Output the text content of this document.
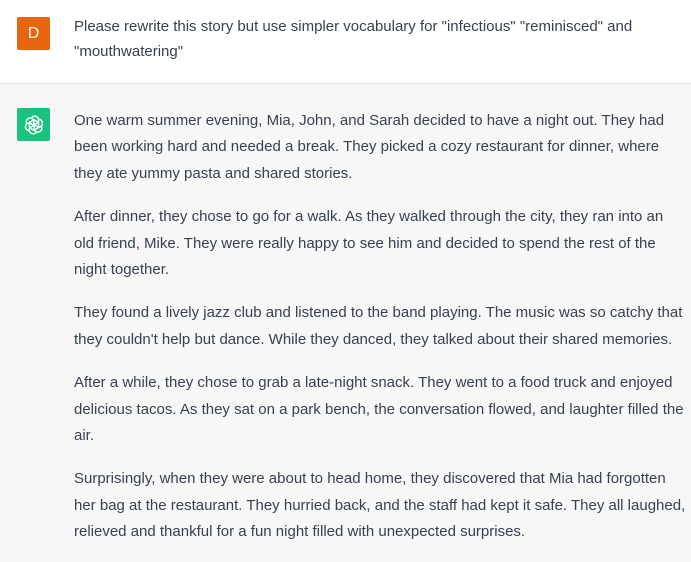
D	Please rewrite this story but use simpler vocabulary for "infectious" "reminisced" and "mouthwatering"

One warm summer evening, Mia, John, and Sarah decided to have a night out. They had been working hard and needed a break. They picked a cozy restaurant for dinner, where they ate yummy pasta and shared stories.

After dinner, they chose to go for a walk. As they walked through the city, they ran into an old friend, Mike. They were really happy to see him and decided to spend the rest of the night together.

They found a lively jazz club and listened to the band playing. The music was so catchy that they couldn't help but dance. While they danced, they talked about their shared memories.

After a while, they chose to grab a late-night snack. They went to a food truck and enjoyed delicious tacos. As they sat on a park bench, the conversation flowed, and laughter filled the air.

Surprisingly, when they were about to head home, they discovered that Mia had forgotten her bag at the restaurant. They hurried back, and the staff had kept it safe. They all laughed, relieved and thankful for a fun night filled with unexpected surprises.
